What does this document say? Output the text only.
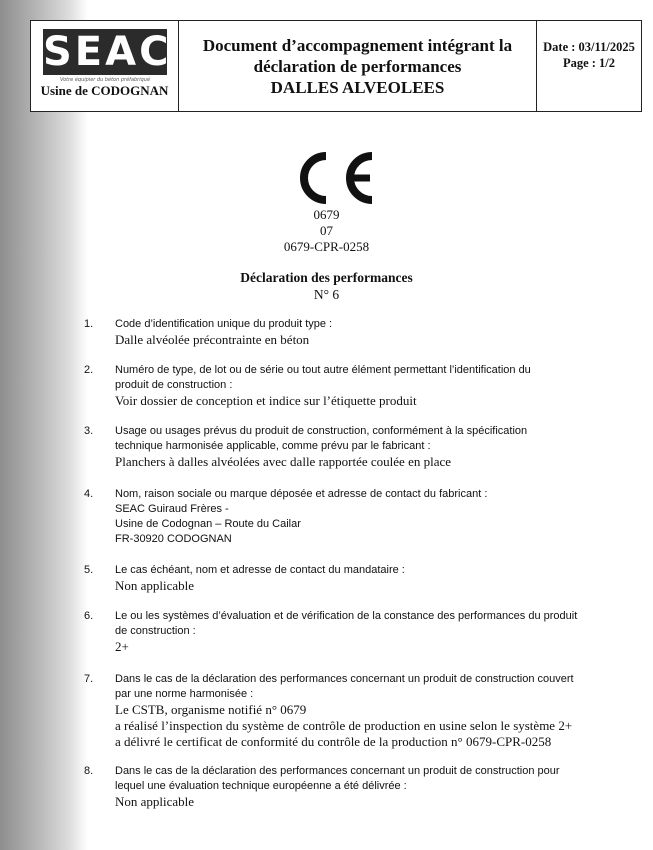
SEAC
Votre équipier du béton préfabriqué
Usine de CODOGNAN
Document d’accompagnement intégrant la
déclaration de performances
DALLES ALVEOLEES
Date : 03/11/2025
Page : 1/2
0679
07
0679-CPR-0258
Déclaration des performances
N° 6
1. Code d’identification unique du produit type :
Dalle alvéolée précontrainte en béton
2. Numéro de type, de lot ou de série ou tout autre élément permettant l’identification du
produit de construction :
Voir dossier de conception et indice sur l’étiquette produit
3. Usage ou usages prévus du produit de construction, conformément à la spécification
technique harmonisée applicable, comme prévu par le fabricant :
Planchers à dalles alvéolées avec dalle rapportée coulée en place
4. Nom, raison sociale ou marque déposée et adresse de contact du fabricant :
SEAC Guiraud Frères -
Usine de Codognan – Route du Cailar
FR-30920 CODOGNAN
5. Le cas échéant, nom et adresse de contact du mandataire :
Non applicable
6. Le ou les systèmes d’évaluation et de vérification de la constance des performances du produit
de construction :
2+
7. Dans le cas de la déclaration des performances concernant un produit de construction couvert
par une norme harmonisée :
Le CSTB, organisme notifié n° 0679
a réalisé l’inspection du système de contrôle de production en usine selon le système 2+
a délivré le certificat de conformité du contrôle de la production n° 0679-CPR-0258
8. Dans le cas de la déclaration des performances concernant un produit de construction pour
lequel une évaluation technique européenne a été délivrée :
Non applicable
